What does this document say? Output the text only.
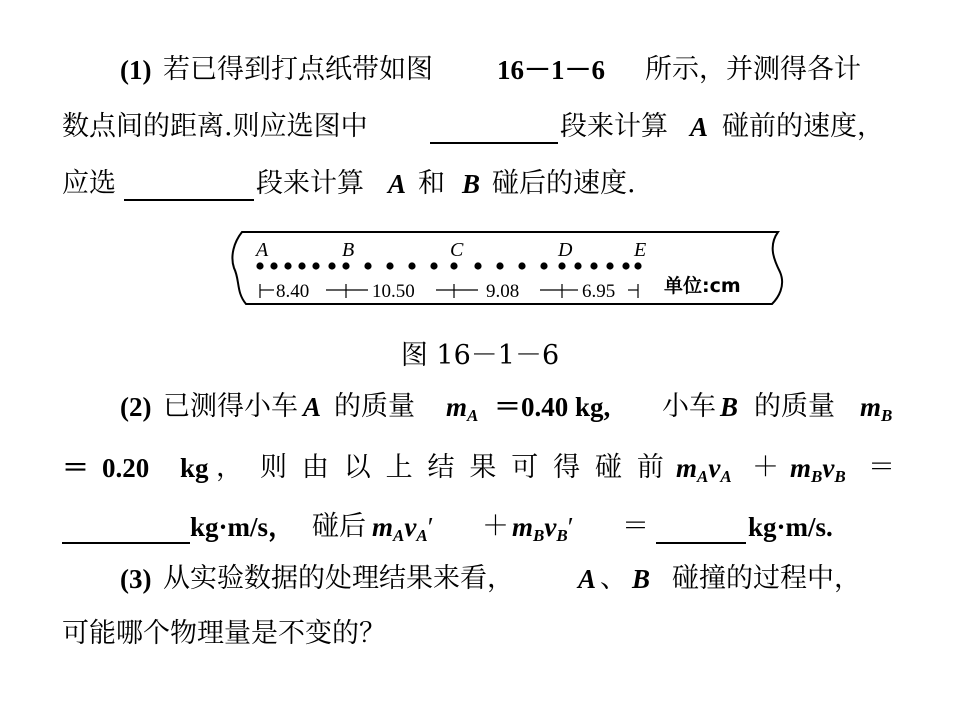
(1) 若已得到打点纸带如图 16－1－6 所示，并测得各计
数点间的距离.则应选图中	段来计算 A 碰前的速度，
应选	段来计算 A 和 B 碰后的速度.
A	B	C	D	E
8.40	10.50	9.08	6.95	单位:cm
图 16－1－6
(2) 已测得小车 A 的质量 $m_A =0.40$ kg, 小车 B 的质量 $m_B$
＝ 0.20 kg ， 则 由 以 上 结 果 可 得 碰 前 $m_Av_A + m_Bv_B$ ＝
kg·m/s， 碰后 $m_Av_A' + m_Bv_B'$ ＝	kg·m/s.
(3) 从实验数据的处理结果来看， A 、 B 碰撞的过程中，
可能哪个物理量是不变的？
